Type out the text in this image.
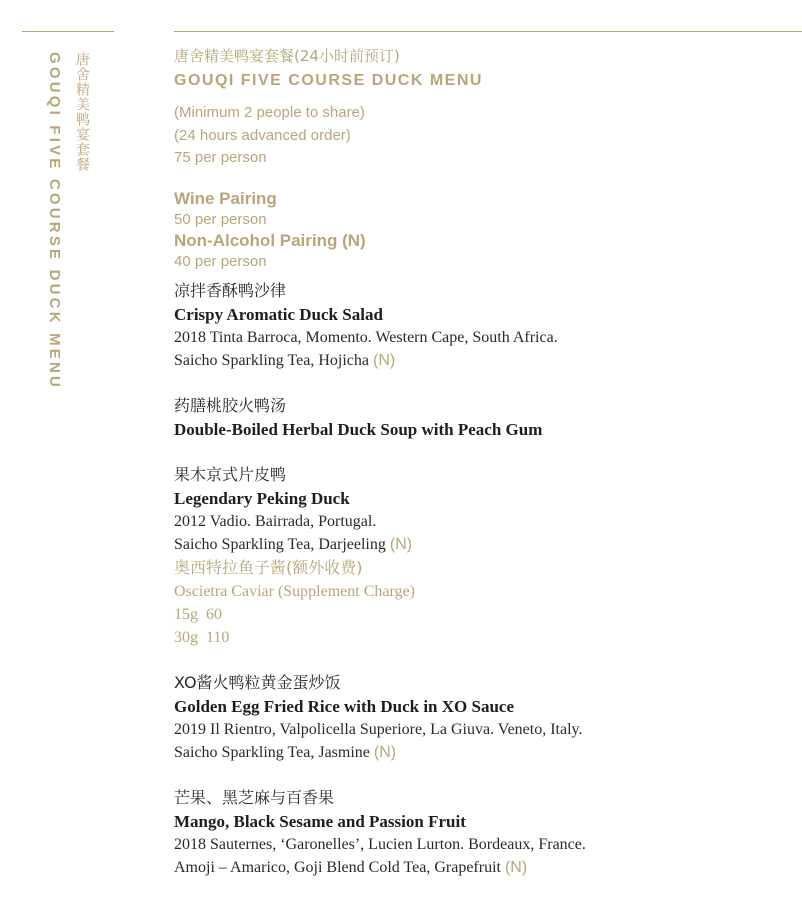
唐舍精美鸭宴套餐
GOUQI FIVE COURSE DUCK MENU	唐舍精美鸭宴套餐(24小时前预订)
GOUQI FIVE COURSE DUCK MENU
(Minimum 2 people to share)
(24 hours advanced order)
75 per person
Wine Pairing
50 per person
Non-Alcohol Pairing (N)
40 per person
凉拌香酥鸭沙律
Crispy Aromatic Duck Salad
2018 Tinta Barroca, Momento. Western Cape, South Africa.
Saicho Sparkling Tea, Hojicha (N)
药膳桃胶火鸭汤
Double-Boiled Herbal Duck Soup with Peach Gum
果木京式片皮鸭
Legendary Peking Duck
2012 Vadio. Bairrada, Portugal.
Saicho Sparkling Tea, Darjeeling (N)
奥西特拉鱼子酱(额外收费)
Oscietra Caviar (Supplement Charge)
15g  60
30g  110
XO酱火鸭粒黄金蛋炒饭
Golden Egg Fried Rice with Duck in XO Sauce
2019 Il Rientro, Valpolicella Superiore, La Giuva. Veneto, Italy.
Saicho Sparkling Tea, Jasmine (N)
芒果、黑芝麻与百香果
Mango, Black Sesame and Passion Fruit
2018 Sauternes, ‘Garonelles’, Lucien Lurton. Bordeaux, France.
Amoji – Amarico, Goji Blend Cold Tea, Grapefruit (N)
